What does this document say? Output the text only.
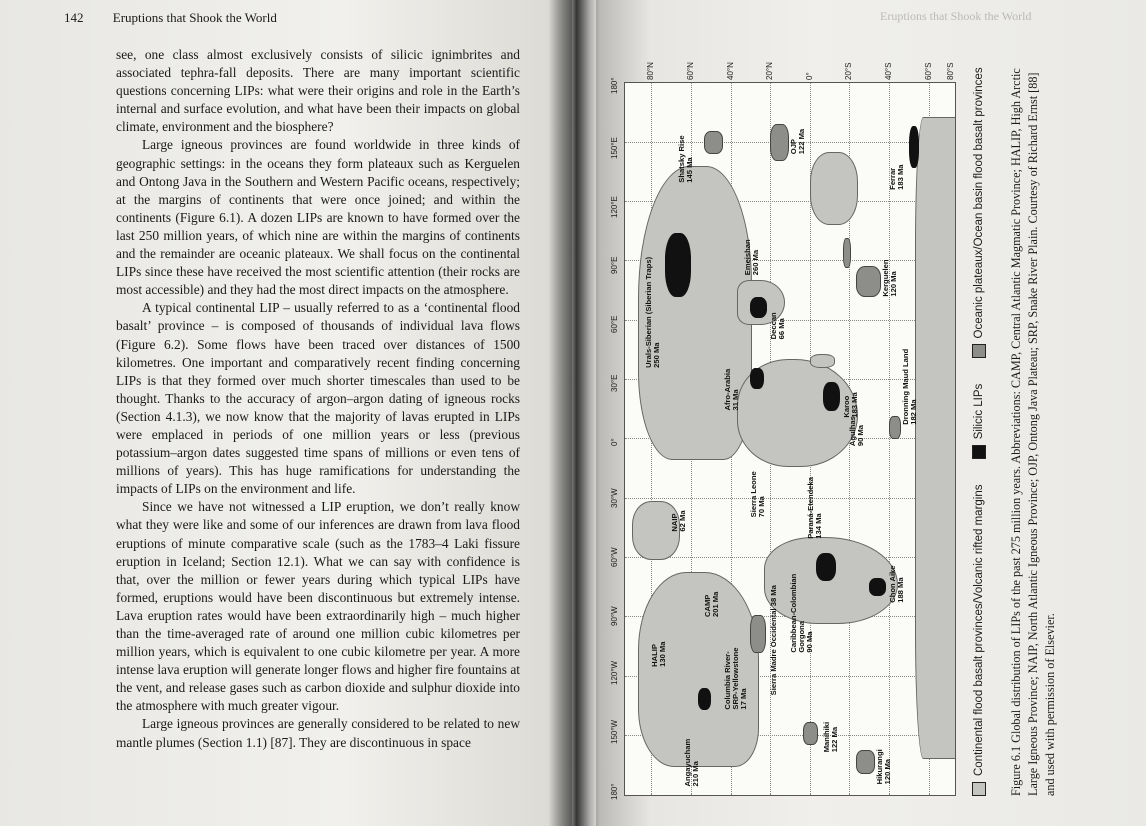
142 Eruptions that Shook the World

see, one class almost exclusively consists of silicic ignimbrites and associated tephra-fall deposits. There are many important scientific questions concerning LIPs: what were their origins and role in the Earth’s internal and surface evolution, and what have been their impacts on global climate, environment and the biosphere?

Large igneous provinces are found worldwide in three kinds of geographic settings: in the oceans they form plateaux such as Kerguelen and Ontong Java in the Southern and Western Pacific oceans, respectively; at the margins of continents that were once joined; and within the continents (Figure 6.1). A dozen LIPs are known to have formed over the last 250 million years, of which nine are within the margins of continents and the remainder are oceanic plateaux. We shall focus on the continental LIPs since these have received the most scientific attention (their rocks are most accessible) and they had the most direct impacts on the atmosphere.

A typical continental LIP – usually referred to as a ‘continental flood basalt’ province – is composed of thousands of individual lava flows (Figure 6.2). Some flows have been traced over distances of 1500 kilometres. One important and comparatively recent finding concerning LIPs is that they formed over much shorter timescales than used to be thought. Thanks to the accuracy of argon–argon dating of igneous rocks (Section 4.1.3), we now know that the majority of lavas erupted in LIPs were emplaced in periods of one million years or less (previous potassium–argon dates suggested time spans of millions or even tens of millions of years). This has huge ramifications for understanding the impacts of LIPs on the environment and life.

Since we have not witnessed a LIP eruption, we don’t really know what they were like and some of our inferences are drawn from lava flood eruptions of minute comparative scale (such as the 1783–4 Laki fissure eruption in Iceland; Section 12.1). What we can say with confidence is that, over the million or fewer years during which typical LIPs have formed, eruptions would have been discontinuous but extremely intense. Lava eruption rates would have been extraordinarily high – much higher than the time-averaged rate of around one million cubic kilometres per million years, which is equivalent to one cubic kilometre per year. A more intense lava eruption will generate longer flows and higher fire fountains at the vent, and release gases such as carbon dioxide and sulphur dioxide into the atmosphere with much greater vigour.

Large igneous provinces are generally considered to be related to new mantle plumes (Section 1.1) [87]. They are discontinuous in space

Eruptions that Shook the World
Angayucham
210 Ma
HALIP
130 Ma
Columbia River-
SRP-Yellowstone
17 Ma	Sierra Madre Occidental 38 Ma Caribbean-Colombian
Gorgona
90 Ma
CAMP
201 Ma
NAIP
62 Ma	Sierra Leone
70 Ma	Paraná-Etendeka
134 Ma
Chon Aike
188 Ma
Manihiki
122 Ma
Hikurangi
120 Ma
Afro-Arabia
31 Ma
Karoo
183 Ma
Agulhas
90 Ma
Dronning Maud Land
182 Ma
Urals-Siberian (Siberian Traps)
250 Ma
Deccan
66 Ma
Emeishan
260 Ma
Kerguelen
120 Ma
Shatsky Rise
145 Ma
OJP
122 Ma
Ferrar
183 Ma
180°
150°W
120°W
90°W
60°W
30°W
0°
30°E
60°E
90°E
120°E
150°E
180°
80°N	60°N	40°N	20°N	0°	20°S	40°S	60°S 80°S
Continental flood basalt provinces/Volcanic rifted margins

Silicic LIPs

Oceanic plateaux/Ocean basin flood basalt provinces Figure 6.1 Global distribution of LIPs of the past 275 million years. Abbreviations: CAMP, Central Atlantic Magmatic Province; HALIP, High Arctic Large Igneous Province; NAIP, North Atlantic Igneous Province; OJP, Ontong Java Plateau; SRP, Snake River Plain. Courtesy of Richard Ernst [88] and used with permission of Elsevier.
